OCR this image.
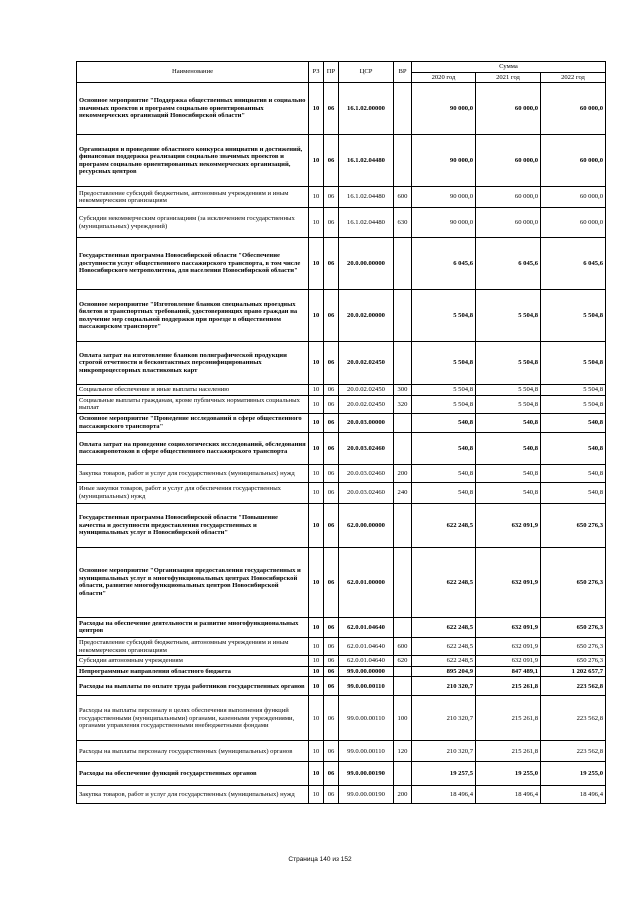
Наименование	РЗ	ПР	ЦСР	ВР	Сумма		
					2020 год	2021 год	2022 год
Основное мероприятие "Поддержка общественных инициатив и социально значимых проектов и программ социально ориентированных некоммерческих организаций Новосибирской области"	10	06	16.1.02.00000		90 000,0	60 000,0	60 000,0
Организация и проведение областного конкурса инициатив и достижений, финансовая поддержка реализации социально значимых проектов и программ социально ориентированных некоммерческих организаций, ресурсных центров	10	06	16.1.02.04480		90 000,0	60 000,0	60 000,0
Предоставление субсидий бюджетным, автономным учреждениям и иным некоммерческим организациям	10	06	16.1.02.04480	600	90 000,0	60 000,0	60 000,0
Субсидии некоммерческим организациям (за исключением государственных (муниципальных) учреждений)	10	06	16.1.02.04480	630	90 000,0	60 000,0	60 000,0
Государственная программа Новосибирской области "Обеспечение доступности услуг общественного пассажирского транспорта, в том числе Новосибирского метрополитена, для населения Новосибирской области"	10	06	20.0.00.00000		6 045,6	6 045,6	6 045,6
Основное мероприятие "Изготовление бланков специальных проездных билетов и транспортных требований, удостоверяющих право граждан на получение мер социальной поддержки при проезде в общественном пассажирском транспорте"	10	06	20.0.02.00000		5 504,8	5 504,8	5 504,8
Оплата затрат на изготовление бланков полиграфической продукции строгой отчетности и бесконтактных персонифицированных микропроцессорных пластиковых карт	10	06	20.0.02.02450		5 504,8	5 504,8	5 504,8
Социальное обеспечение и иные выплаты населению	10	06	20.0.02.02450	300	5 504,8	5 504,8	5 504,8
Социальные выплаты гражданам, кроме публичных нормативных социальных выплат	10	06	20.0.02.02450	320	5 504,8	5 504,8	5 504,8
Основное мероприятие "Проведение исследований в сфере общественного пассажирского транспорта"	10	06	20.0.03.00000		540,8	540,8	540,8
Оплата затрат на проведение социологических исследований, обследования пассажиропотоков в сфере общественного пассажирского транспорта	10	06	20.0.03.02460		540,8	540,8	540,8
Закупка товаров, работ и услуг для государственных (муниципальных) нужд	10	06	20.0.03.02460	200	540,8	540,8	540,8
Иные закупки товаров, работ и услуг для обеспечения государственных (муниципальных) нужд	10	06	20.0.03.02460	240	540,8	540,8	540,8
Государственная программа Новосибирской области "Повышение качества и доступности предоставления государственных и муниципальных услуг в Новосибирской области"	10	06	62.0.00.00000		622 248,5	632 091,9	650 276,3
Основное мероприятие "Организация предоставления государственных и муниципальных услуг в многофункциональных центрах Новосибирской области, развитие многофункциональных центров Новосибирской области"	10	06	62.0.01.00000		622 248,5	632 091,9	650 276,3
Расходы на обеспечение деятельности и развитие многофункциональных центров	10	06	62.0.01.04640		622 248,5	632 091,9	650 276,3
Предоставление субсидий бюджетным, автономным учреждениям и иным некоммерческим организациям	10	06	62.0.01.04640	600	622 248,5	632 091,9	650 276,3
Субсидии автономным учреждениям	10	06	62.0.01.04640	620	622 248,5	632 091,9	650 276,3
Непрограммные направления областного бюджета	10	06	99.0.00.00000		895 204,9	847 489,1	1 202 657,7
Расходы на выплаты по оплате труда работников государственных органов	10	06	99.0.00.00110		210 320,7	215 261,8	223 562,8
Расходы на выплаты персоналу в целях обеспечения выполнения функций государственными (муниципальными) органами, казенными учреждениями, органами управления государственными внебюджетными фондами	10	06	99.0.00.00110	100	210 320,7	215 261,8	223 562,8
Расходы на выплаты персоналу государственных (муниципальных) органов	10	06	99.0.00.00110	120	210 320,7	215 261,8	223 562,8
Расходы на обеспечение функций государственных органов	10	06	99.0.00.00190		19 257,5	19 255,0	19 255,0
Закупка товаров, работ и услуг для государственных (муниципальных) нужд	10	06	99.0.00.00190	200	18 496,4	18 496,4	18 496,4
Страница 140 из 152
